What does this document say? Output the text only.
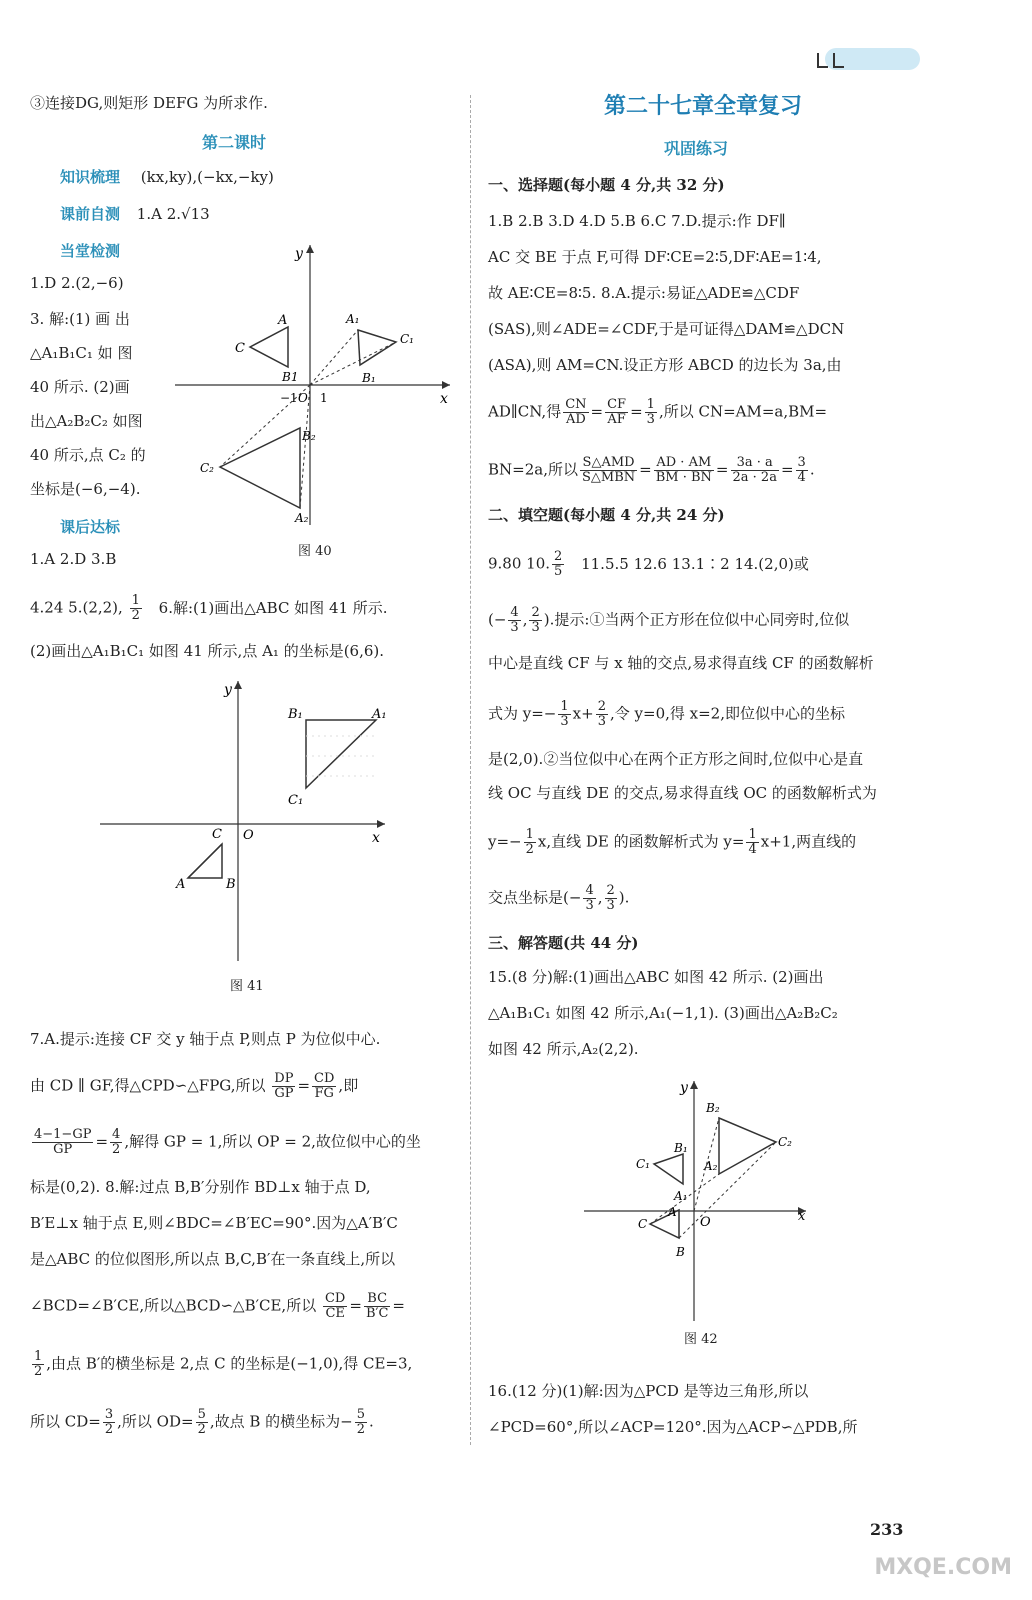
③连接DG,则矩形 DEFG 为所求作.
第二课时
知识梳理 (kx,ky),(−kx,−ky)
课前自测 1.A 2.√13
当堂检测
1.D 2.(2,−6)
3. 解:(1) 画 出
△A₁B₁C₁ 如 图
40 所示. (2)画
出△A₂B₂C₂ 如图
40 所示,点 C₂ 的
坐标是(−6,−4).
y
x
C
A	A₁
C₁
B₁
B1
C₂
B₂
A₂
−1 O 1
图 40
课后达标
1.A 2.D 3.B
4.24 5.(2,2), $\frac{1}{2} 6$.解:(1)画出△ABC 如图 41 所示.
(2)画出△A₁B₁C₁ 如图 41 所示,点 A₁ 的坐标是(6,6).
y
x
O
B₁	A₁
C₁
C
A	B
图 41
7.A.提示:连接 CF 交 y 轴于点 P,则点 P 为位似中心.
由 CD ∥ GF,得△CPD∽△FPG,所以 $\frac{DP}{GP} = \frac{CD}{FG}$ ,即
$\frac{4-1-GP}{GP} = \frac{4}{2}$ ,解得 GP = 1,所以 OP = 2,故位似中心的坐
标是(0,2). 8.解:过点 B,B′分别作 BD⊥x 轴于点 D,
B′E⊥x 轴于点 E,则∠BDC=∠B′EC=90°.因为△A′B′C
是△ABC 的位似图形,所以点 B,C,B′在一条直线上,所以
∠BCD=∠B′CE,所以△BCD∽△B′CE,所以 $\frac{CD}{CE} = \frac{BC}{B'C}$ =
$\frac{1}{2}$ ,由点 B′的横坐标是 2,点 C 的坐标是(−1,0),得 CE=3,
所以 $CD= \frac{3}{2}$ ,所以 $OD= \frac{5}{2}$ ,故点 B 的横坐标为− $\frac{5}{2}$ .
第二十七章全章复习
巩固练习
一、选择题(每小题 4 分,共 32 分)
1.B 2.B 3.D 4.D 5.B 6.C 7.D.提示:作 DF∥
AC 交 BE 于点 F,可得 DF∶CE=2∶5,DF∶AE=1∶4,
故 AE∶CE=8∶5. 8.A.提示:易证△ADE≌△CDF
(SAS),则∠ADE=∠CDF,于是可证得△DAM≌△DCN
(ASA),则 AM=CN.设正方形 ABCD 的边长为 3a,由
AD∥CN,得 $\frac{CN}{AD} = \frac{CF}{AF} = \frac{1}{3}$ ,所以 CN=AM=a,BM=
BN=2a,所以 $\frac{\text{S△AMD}}{\text{S△MBN}} = \frac{AD \cdot AM}{BM \cdot BN} = \frac{3a \cdot a}{2a \cdot 2a} = \frac{3}{4}$ .
二、填空题(每小题 4 分,共 24 分)
9.80 10. $\frac{2}{5} 11.5.5$ 12.6 13.1∶2 14.(2,0)或
(− $\frac{4}{3}$ , $\frac{2}{3}$ ).提示:①当两个正方形在位似中心同旁时,位似
中心是直线 CF 与 x 轴的交点,易求得直线 CF 的函数解析
式为 $y=- \frac{1}{3} x+ \frac{2}{3}$ ,令 y=0,得 x=2,即位似中心的坐标
是(2,0).②当位似中心在两个正方形之间时,位似中心是直
线 OC 与直线 DE 的交点,易求得直线 OC 的函数解析式为
$y=- \frac{1}{2} x$,直线 DE 的函数解析式为 $y= \frac{1}{4} x+1$,两直线的
交点坐标是(− $\frac{4}{3}$ , $\frac{2}{3}$ ).
三、解答题(共 44 分)
15.(8 分)解:(1)画出△ABC 如图 42 所示. (2)画出
△A₁B₁C₁ 如图 42 所示,A₁(−1,1). (3)画出△A₂B₂C₂
如图 42 所示,A₂(2,2).
y
x
O
B₂
C₂
A₂
C₁
B₁
A₁
C
A
B
图 42
16.(12 分)(1)解:因为△PCD 是等边三角形,所以
∠PCD=60°,所以∠ACP=120°.因为△ACP∽△PDB,所
233
MXQE.COM
